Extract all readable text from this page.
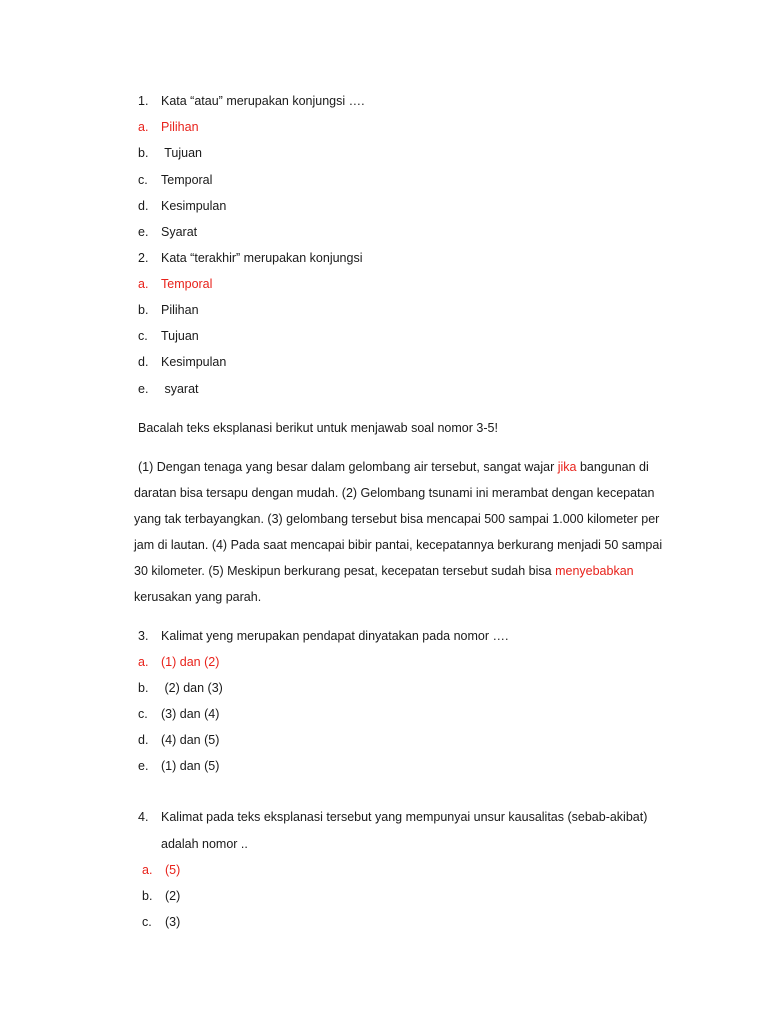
1. Kata “atau” merupakan konjungsi ….
a. Pilihan
b. Tujuan
c. Temporal
d. Kesimpulan
e. Syarat
2. Kata “terakhir” merupakan konjungsi
a. Temporal
b. Pilihan
c. Tujuan
d. Kesimpulan
e. syarat
Bacalah teks eksplanasi berikut untuk menjawab soal nomor 3-5!
(1) Dengan tenaga yang besar dalam gelombang air tersebut, sangat wajar jika bangunan di
daratan bisa tersapu dengan mudah. (2) Gelombang tsunami ini merambat dengan kecepatan
yang tak terbayangkan. (3) gelombang tersebut bisa mencapai 500 sampai 1.000 kilometer per
jam di lautan. (4) Pada saat mencapai bibir pantai, kecepatannya berkurang menjadi 50 sampai
30 kilometer. (5) Meskipun berkurang pesat, kecepatan tersebut sudah bisa menyebabkan
kerusakan yang parah.
3. Kalimat yeng merupakan pendapat dinyatakan pada nomor ….
a. (1) dan (2)
b. (2) dan (3)
c. (3) dan (4)
d. (4) dan (5)
e. (1) dan (5)
4. Kalimat pada teks eksplanasi tersebut yang mempunyai unsur kausalitas (sebab-akibat)
adalah nomor ..
a. (5)
b. (2)
c. (3)
